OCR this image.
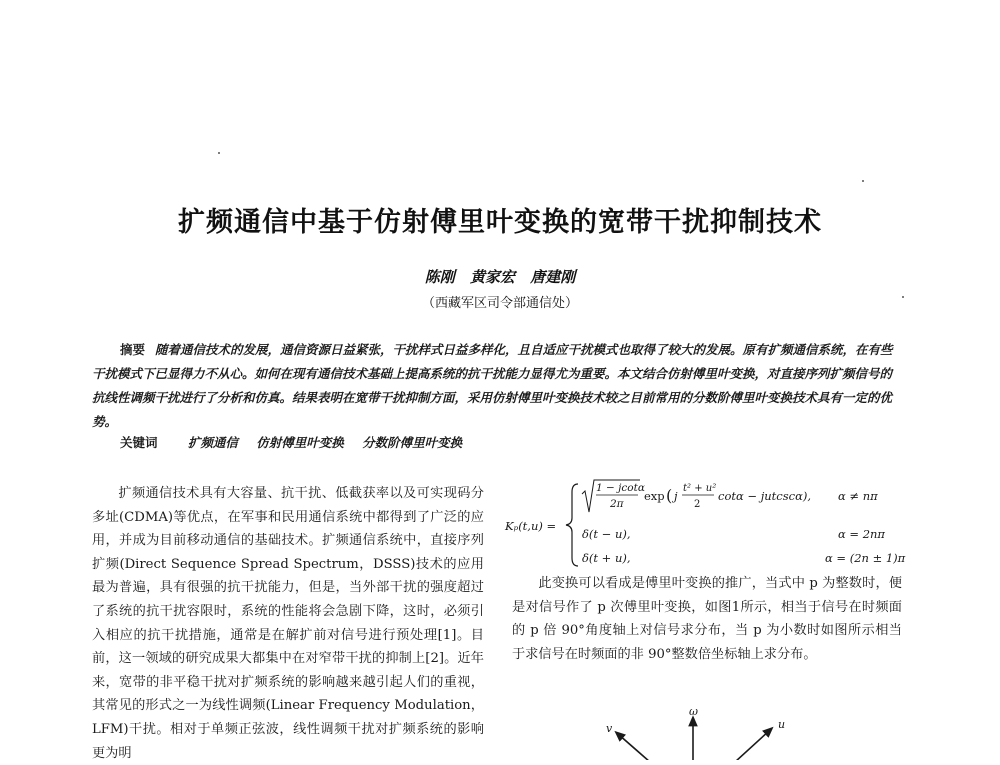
扩频通信中基于仿射傅里叶变换的宽带干扰抑制技术
陈刚 黄家宏 唐建刚
（西藏军区司令部通信处）
摘要 随着通信技术的发展，通信资源日益紧张，干扰样式日益多样化，且自适应干扰模式也取得了较大的发展。原有扩频通信系统，在有些干扰模式下已显得力不从心。如何在现有通信技术基础上提高系统的抗干扰能力显得尤为重要。本文结合仿射傅里叶变换，对直接序列扩频信号的抗线性调频干扰进行了分析和仿真。结果表明在宽带干扰抑制方面，采用仿射傅里叶变换技术较之目前常用的分数阶傅里叶变换技术具有一定的优势。
关键词 扩频通信 仿射傅里叶变换 分数阶傅里叶变换

扩频通信技术具有大容量、抗干扰、低截获率以及可实现码分多址(CDMA)等优点，在军事和民用通信系统中都得到了广泛的应用，并成为目前移动通信的基础技术。扩频通信系统中，直接序列扩频(Direct Sequence Spread Spectrum，DSSS)技术的应用最为普遍，具有很强的抗干扰能力，但是，当外部干扰的强度超过了系统的抗干扰容限时，系统的性能将会急剧下降，这时，必须引入相应的抗干扰措施，通常是在解扩前对信号进行预处理[1]。目前，这一领域的研究成果大都集中在对窄带干扰的抑制上[2]。近年来，宽带的非平稳干扰对扩频系统的影响越来越引起人们的重视，其常见的形式之一为线性调频(Linear Frequency Modulation，LFM)干扰。相对于单频正弦波，线性调频干扰对扩频系统的影响更为明

Kₚ(t,u) =
1 − jcotα
2π
exp ( j
t² + u²
2
cotα − jutcscα), α ≠ nπ
δ(t − u),	α = 2nπ
δ(t + u),	α = (2n ± 1)π

此变换可以看成是傅里叶变换的推广，当式中 p 为整数时，便是对信号作了 p 次傅里叶变换，如图1所示，相当于信号在时频面的 p 倍 90°角度轴上对信号求分布，当 p 为小数时如图所示相当于求信号在时频面的非 90°整数倍坐标轴上求分布。

ω
v	u
